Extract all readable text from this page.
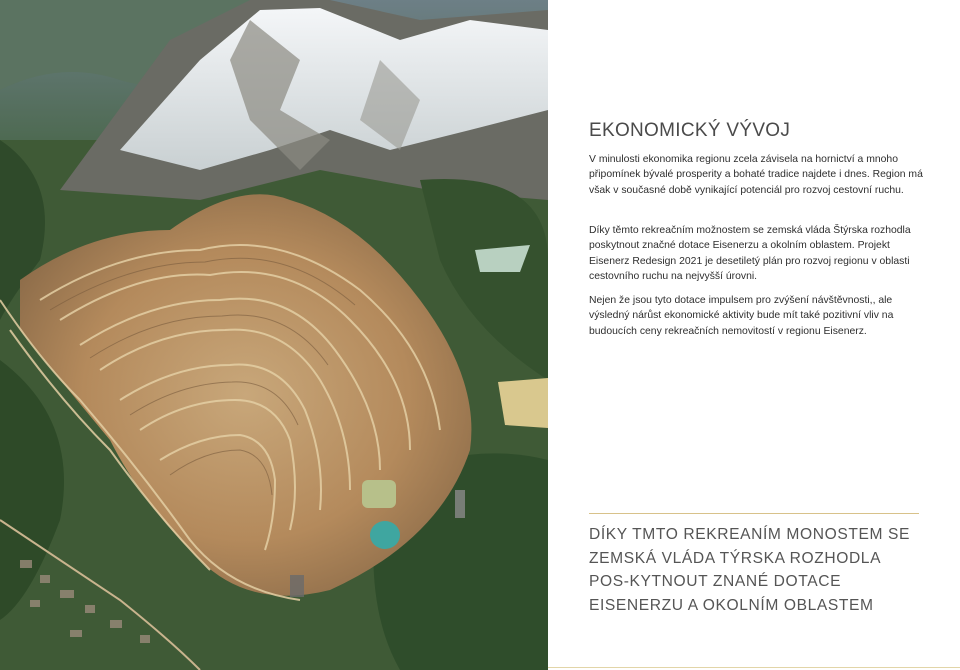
EKONOMICKÝ VÝVOJ

V minulosti ekonomika regionu zcela závisela na hornictví a mnoho připomínek bývalé prosperity a bohaté tradice najdete i dnes. Region má však v současné době vynikající potenciál pro rozvoj cestovní ruchu.

Díky těmto rekreačním možnostem se zemská vláda Štýrska rozhodla poskytnout značné dotace Eisenerzu a okolním oblastem. Projekt Eisenerz Redesign 2021 je desetiletý plán pro rozvoj regionu v oblasti cestovního ruchu na nejvyšší úrovni.

Nejen že jsou tyto dotace impulsem pro zvýšení návštěvnosti,, ale výsledný nárůst ekonomické aktivity bude mít také pozitivní vliv na budoucích ceny rekreačních nemovitostí v regionu Eisenerz.

DÍKY TMTO REKREANÍM MONOSTEM SE ZEMSKÁ VLÁDA TÝRSKA ROZHODLA POS-KYTNOUT ZNANÉ DOTACE EISENERZU A OKOLNÍM OBLASTEM
